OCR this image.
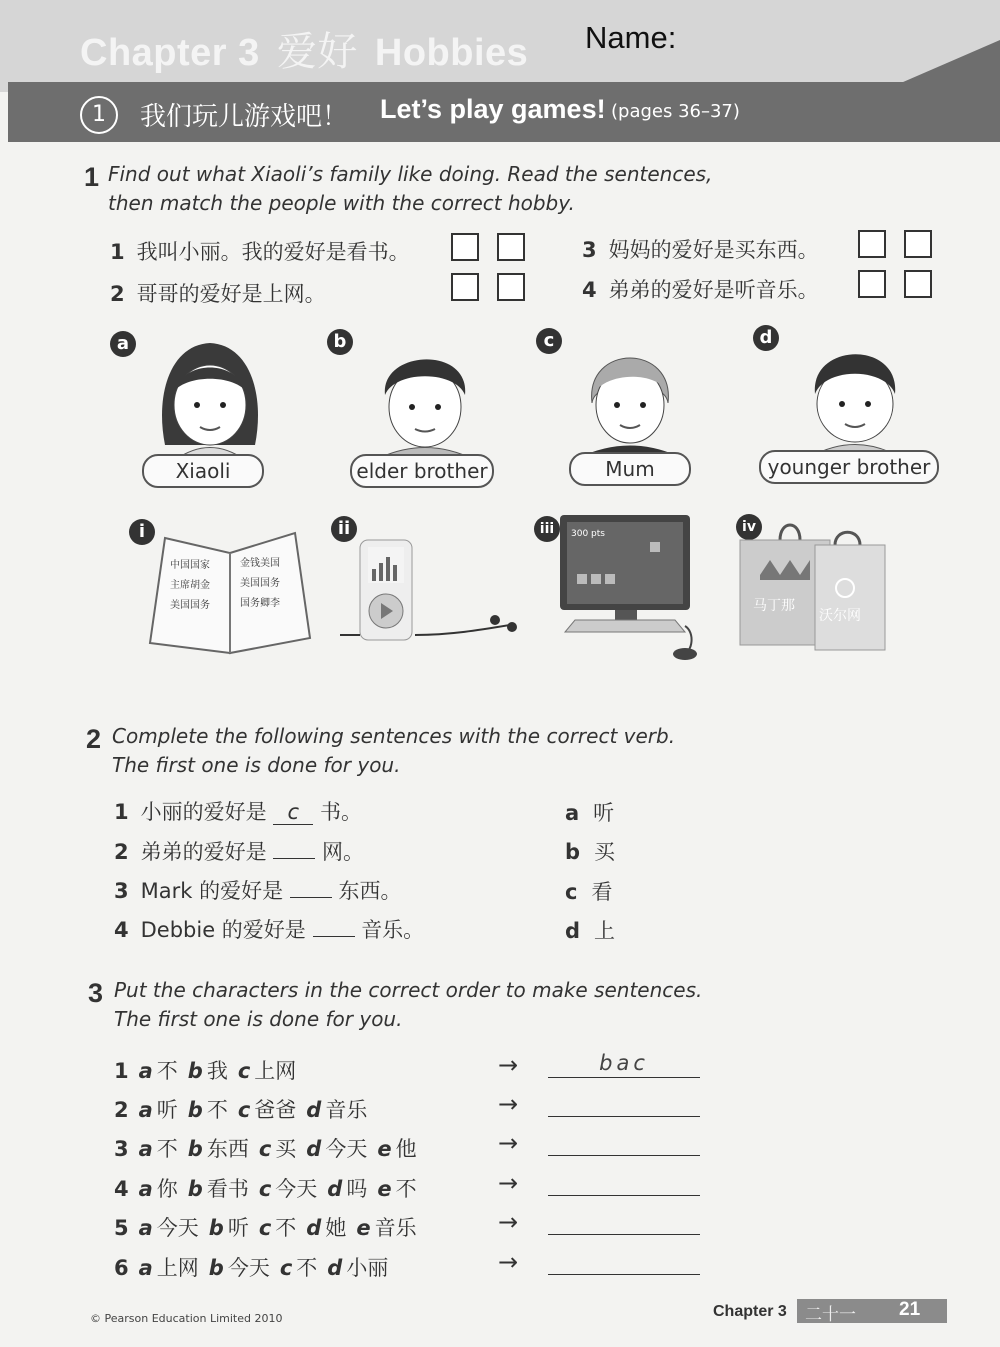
Chapter 3 爱好 Hobbies Name:
1	我们玩儿游戏吧！ Let’s play games! (pages 36–37)
1 Find out what Xiaoli’s family like doing. Read the sentences,
then match the people with the correct hobby.
1 我叫小丽。我的爱好是看书。
2 哥哥的爱好是上网。
3 妈妈的爱好是买东西。
4 弟弟的爱好是听音乐。
a
Xiaoli
b
elder brother
c
Mum
d
younger brother
i
中国国家
主席胡金
美国国务
金钱美国
美国国务
国务卿李
ii	iii	300 pts	iv
马丁那
沃尔网
2 Complete the following sentences with the correct verb.
The first one is done for you.
1 小丽的爱好是 c 书。
2 弟弟的爱好是	网。
3 Mark 的爱好是	东西。
4 Debbie 的爱好是	音乐。
a 听
b 买
c 看
d 上
3 Put the characters in the correct order to make sentences.
The first one is done for you.
1 a 不 b 我 c 上网	→	bac
2 a 听 b 不 c 爸爸 d 音乐	→
3 a 不 b 东西 c 买 d 今天 e 他	→
4 a 你 b 看书 c 今天 d 吗 e 不	→
5 a 今天 b 听 c 不 d 她 e 音乐	→
6 a 上网 b 今天 c 不 d 小丽	→
© Pearson Education Limited 2010	Chapter 3 二十一 21
